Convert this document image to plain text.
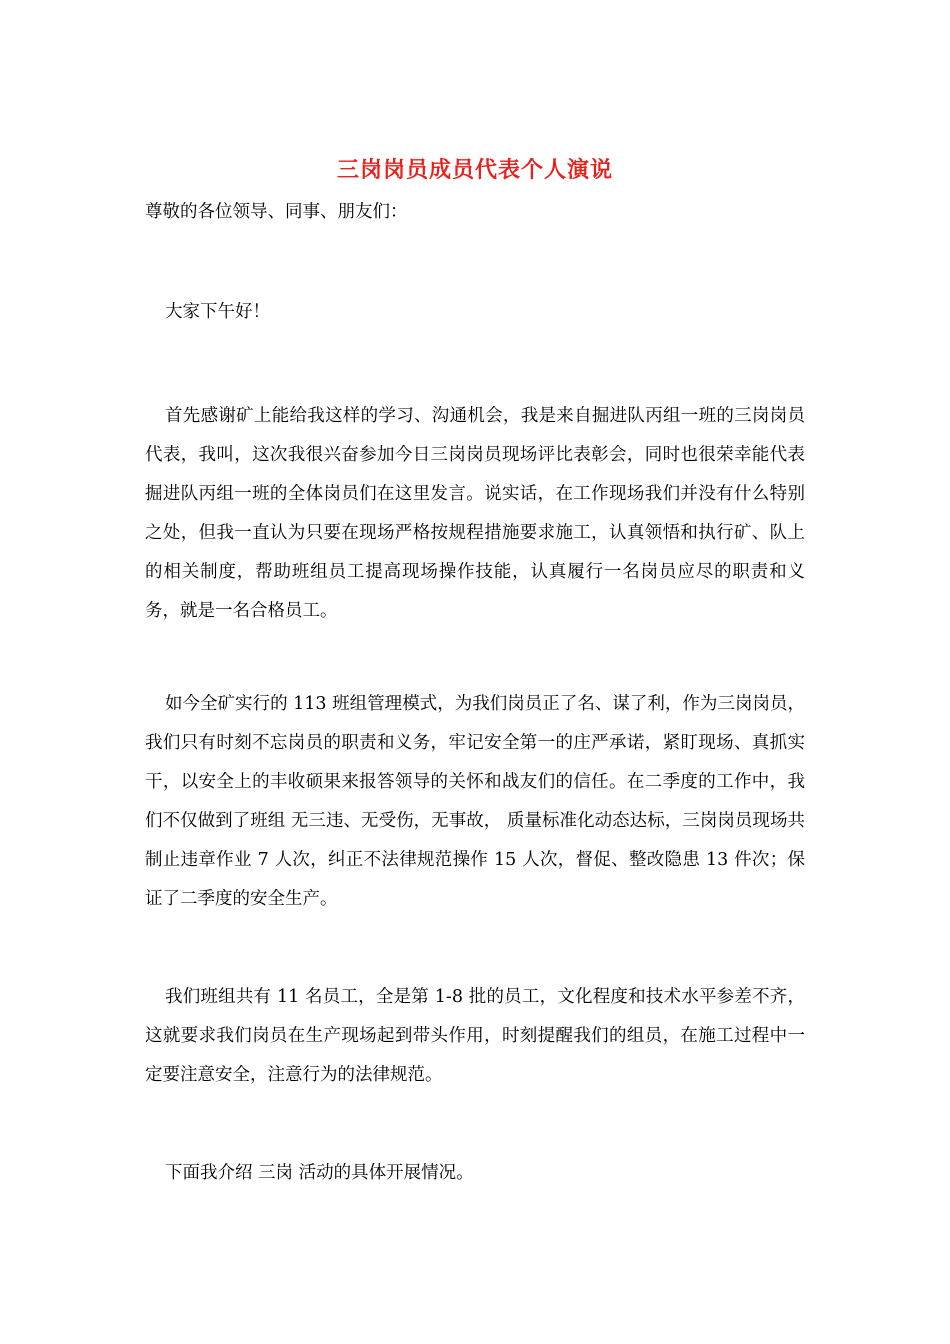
三岗岗员成员代表个人演说

尊敬的各位领导、同事、朋友们：

大家下午好！

首先感谢矿上能给我这样的学习、沟通机会，我是来自掘进队丙组一班的三岗岗员代表，我叫，这次我很兴奋参加今日三岗岗员现场评比表彰会，同时也很荣幸能代表掘进队丙组一班的全体岗员们在这里发言。说实话，在工作现场我们并没有什么特别之处，但我一直认为只要在现场严格按规程措施要求施工，认真领悟和执行矿、队上的相关制度，帮助班组员工提高现场操作技能，认真履行一名岗员应尽的职责和义务，就是一名合格员工。

如今全矿实行的 113 班组管理模式，为我们岗员正了名、谋了利，作为三岗岗员，我们只有时刻不忘岗员的职责和义务，牢记安全第一的庄严承诺，紧盯现场、真抓实干，以安全上的丰收硕果来报答领导的关怀和战友们的信任。在二季度的工作中，我们不仅做到了班组 无三违、无受伤，无事故， 质量标准化动态达标，三岗岗员现场共制止违章作业 7 人次，纠正不法律规范操作 15 人次，督促、整改隐患 13 件次；保证了二季度的安全生产。

我们班组共有 11 名员工，全是第 1-8 批的员工，文化程度和技术水平参差不齐，这就要求我们岗员在生产现场起到带头作用，时刻提醒我们的组员，在施工过程中一定要注意安全，注意行为的法律规范。

下面我介绍 三岗 活动的具体开展情况。
